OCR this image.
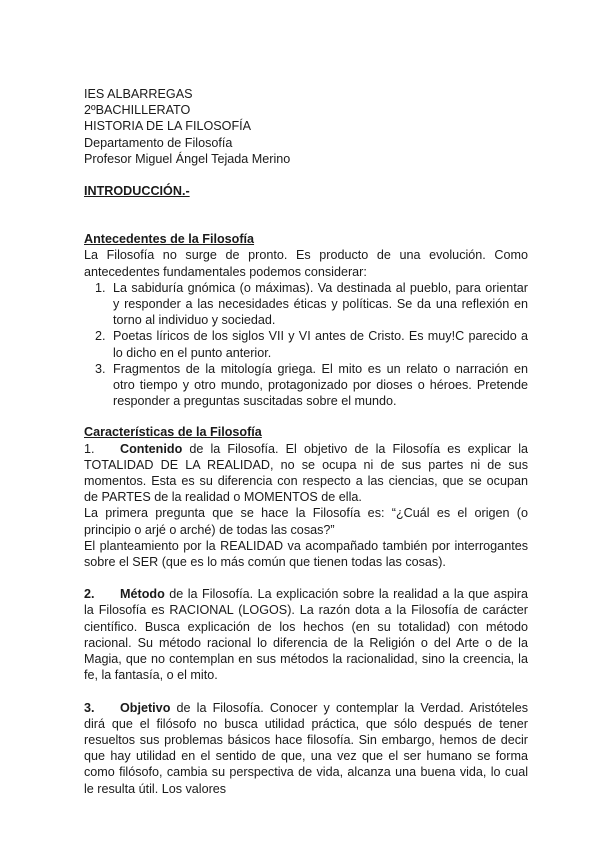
IES ALBARREGAS
2ºBACHILLERATO
HISTORIA DE LA FILOSOFÍA
Departamento de Filosofía
Profesor Miguel Ángel Tejada Merino
INTRODUCCIÓN.-
Antecedentes de la Filosofía

La Filosofía no surge de pronto. Es producto de una evolución. Como antecedentes fundamentales podemos considerar:

1. La sabiduría gnómica (o máximas). Va destinada al pueblo, para orientar y responder a las necesidades éticas y políticas. Se da una reflexión en torno al individuo y sociedad.
2. Poetas líricos de los siglos VII y VI antes de Cristo. Es muy!C parecido a lo dicho en el punto anterior.
3. Fragmentos de la mitología griega. El mito es un relato o narración en otro tiempo y otro mundo, protagonizado por dioses o héroes. Pretende responder a preguntas suscitadas sobre el mundo.
Características de la Filosofía

1. Contenido de la Filosofía. El objetivo de la Filosofía es explicar la TOTALIDAD DE LA REALIDAD, no se ocupa ni de sus partes ni de sus momentos. Esta es su diferencia con respecto a las ciencias, que se ocupan de PARTES de la realidad o MOMENTOS de ella.

La primera pregunta que se hace la Filosofía es: “¿Cuál es el origen (o principio o arjé o arché) de todas las cosas?”

El planteamiento por la REALIDAD va acompañado también por interrogantes sobre el SER (que es lo más común que tienen todas las cosas).

2. Método de la Filosofía. La explicación sobre la realidad a la que aspira la Filosofía es RACIONAL (LOGOS). La razón dota a la Filosofía de carácter científico. Busca explicación de los hechos (en su totalidad) con método racional. Su método racional lo diferencia de la Religión o del Arte o de la Magia, que no contemplan en sus métodos la racionalidad, sino la creencia, la fe, la fantasía, o el mito.

3. Objetivo de la Filosofía. Conocer y contemplar la Verdad. Aristóteles dirá que el filósofo no busca utilidad práctica, que sólo después de tener resueltos sus problemas básicos hace filosofía. Sin embargo, hemos de decir que hay utilidad en el sentido de que, una vez que el ser humano se forma como filósofo, cambia su perspectiva de vida, alcanza una buena vida, lo cual le resulta útil. Los valores
